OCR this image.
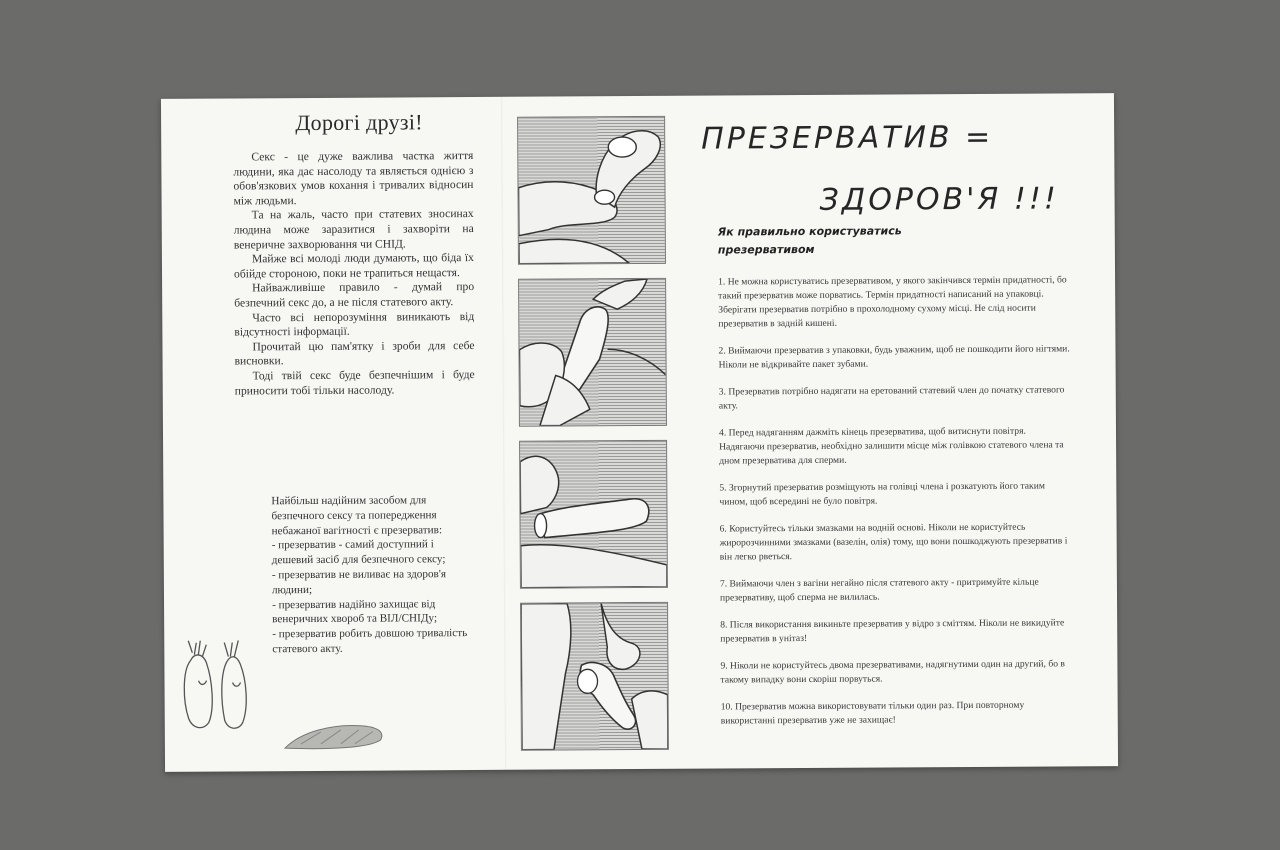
Дорогі друзі!

Секс - це дуже важлива частка життя людини, яка дає насолоду та являється однією з обов'язкових умов кохання і тривалих відносин між людьми.

Та на жаль, часто при статевих зносинах людина може заразитися і захворіти на венеричне захворювання чи СНІД.

Майже всі молоді люди думають, що біда їх обійде стороною, поки не трапиться нещастя.

Найважливіше правило - думай про безпечний секс до, а не після статевого акту.

Часто всі непорозуміння виникають від відсутності інформації.

Прочитай цю пам'ятку і зроби для себе висновки.

Тоді твій секс буде безпечнішим і буде приносити тобі тільки насолоду.

Найбільш надійним засобом для безпечного сексу та попередження небажаної вагітності є презерватив:

- презерватив - самий доступний і дешевий засіб для безпечного сексу;

- презерватив не виливає на здоров'я людини;

- презерватив надійно захищає від венеричних хвороб та ВІЛ/СНІДу;

- презерватив робить довшою тривалість статевого акту.

ПРЕЗЕРВАТИВ =
ЗДОРОВ'Я !!!
Як правильно користуватись презервативом

1. Не можна користуватись презервативом, у якого закінчився термін придатності, бо такий презерватив може порватись. Термін придатності написаний на упаковці. Зберігати презерватив потрібно в прохолодному сухому місці. Не слід носити презерватив в задній кишені.

2. Виймаючи презерватив з упаковки, будь уважним, щоб не пошкодити його нігтями. Ніколи не відкривайте пакет зубами.

3. Презерватив потрібно надягати на еретований статевий член до початку статевого акту.

4. Перед надяганням дажміть кінець презерватива, щоб витиснути повітря. Надягаючи презерватив, необхідно залишити місце між голівкою статевого члена та дном презерватива для сперми.

5. Згорнутий презерватив розміщують на голівці члена і розкатують його таким чином, щоб всередині не було повітря.

6. Користуйтесь тільки змазками на водній основі. Ніколи не користуйтесь жиророзчинними змазками (вазелін, олія) тому, що вони пошкоджують презерватив і він легко рветься.

7. Виймаючи член з вагіни негайно після статевого акту - притримуйте кільце презервативу, щоб сперма не вилилась.

8. Після використання викиньте презерватив у відро з сміттям. Ніколи не викидуйте презерватив в унітаз!

9. Ніколи не користуйтесь двома презервативами, надягнутими один на другий, бо в такому випадку вони скоріш порвуться.

10. Презерватив можна використовувати тільки один раз. При повторному використанні презерватив уже не захищає!
